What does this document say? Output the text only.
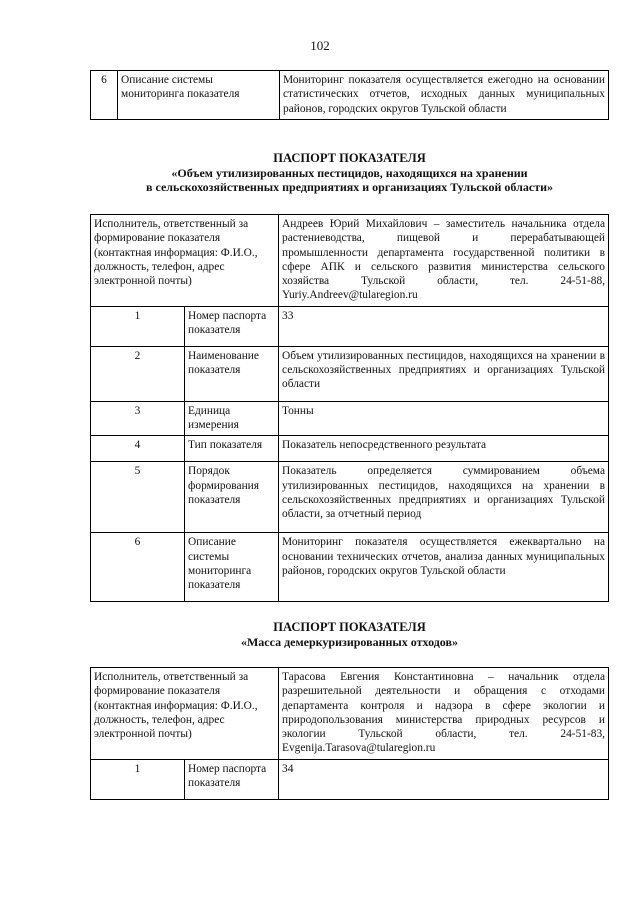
102
6	Описание системы мониторинга показателя	Мониторинг показателя осуществляется ежегодно на основании статистических отчетов, исходных данных муниципальных районов, городских округов Тульской области
ПАСПОРТ ПОКАЗАТЕЛЯ
«Объем утилизированных пестицидов, находящихся на хранении
в сельскохозяйственных предприятиях и организациях Тульской области»
Исполнитель, ответственный за формирование показателя (контактная информация: Ф.И.О., должность, телефон, адрес электронной почты)		Андреев Юрий Михайлович – заместитель начальника отдела растениеводства, пищевой и перерабатывающей промышленности департамента государственной политики в сфере АПК и сельского развития министерства сельского хозяйства Тульской области, тел. 24-51-88, Yuriy.Andreev@tularegion.ru
1	Номер паспорта показателя	33
2	Наименование показателя	Объем утилизированных пестицидов, находящихся на хранении в сельскохозяйственных предприятиях и организациях Тульской области
3	Единица измерения	Тонны
4	Тип показателя	Показатель непосредственного результата
5	Порядок формирования показателя	Показатель определяется суммированием объема утилизированных пестицидов, находящихся на хранении в сельскохозяйственных предприятиях и организациях Тульской области, за отчетный период
6	Описание системы мониторинга показателя	Мониторинг показателя осуществляется ежеквартально на основании технических отчетов, анализа данных муниципальных районов, городских округов Тульской области
ПАСПОРТ ПОКАЗАТЕЛЯ
«Масса демеркуризированных отходов»
Исполнитель, ответственный за формирование показателя (контактная информация: Ф.И.О., должность, телефон, адрес электронной почты)		Тарасова Евгения Константиновна – начальник отдела разрешительной деятельности и обращения с отходами департамента контроля и надзора в сфере экологии и природопользования министерства природных ресурсов и экологии Тульской области, тел. 24-51-83, Evgenija.Tarasova@tularegion.ru
1	Номер паспорта показателя	34
